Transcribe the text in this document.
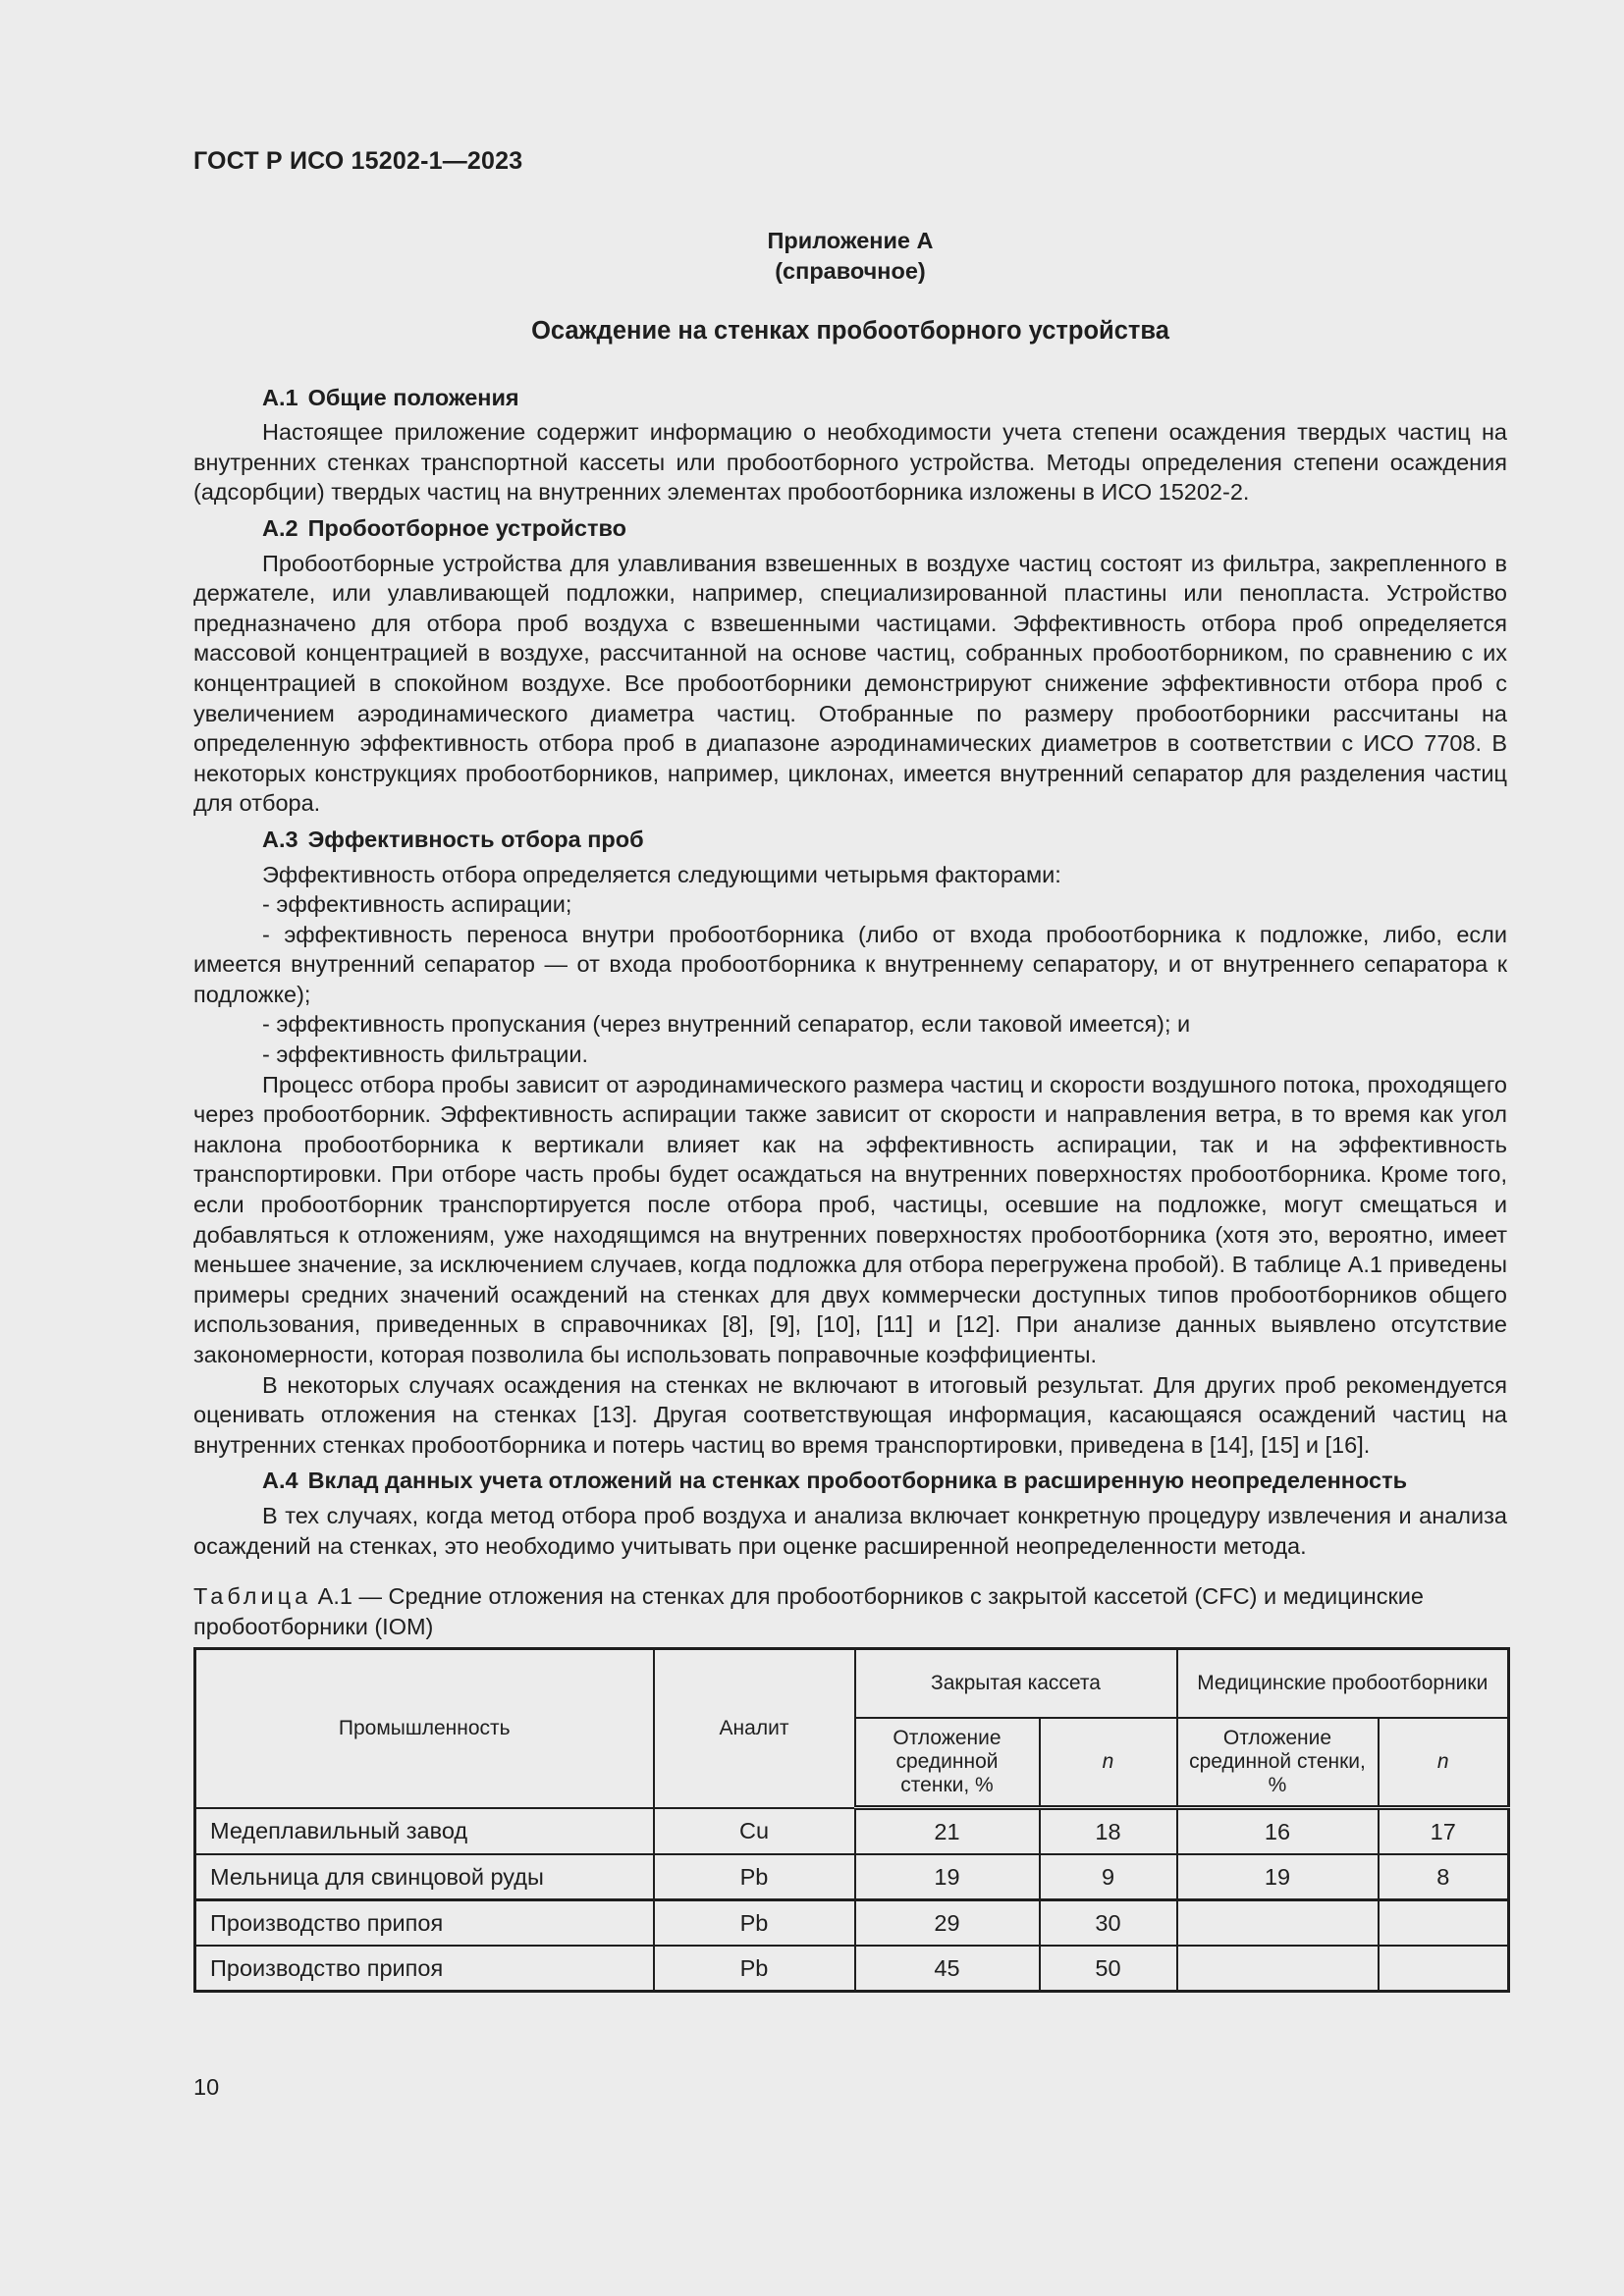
ГОСТ Р ИСО 15202-1—2023
Приложение А
(справочное)
Осаждение на стенках пробоотборного устройства
А.1 Общие положения

Настоящее приложение содержит информацию о необходимости учета степени осаждения твердых частиц на внутренних стенках транспортной кассеты или пробоотборного устройства. Методы определения степени осаждения (адсорбции) твердых частиц на внутренних элементах пробоотборника изложены в ИСО 15202-2.

А.2 Пробоотборное устройство

Пробоотборные устройства для улавливания взвешенных в воздухе частиц состоят из фильтра, закрепленного в держателе, или улавливающей подложки, например, специализированной пластины или пенопласта. Устройство предназначено для отбора проб воздуха с взвешенными частицами. Эффективность отбора проб определяется массовой концентрацией в воздухе, рассчитанной на основе частиц, собранных пробоотборником, по сравнению с их концентрацией в спокойном воздухе. Все пробоотборники демонстрируют снижение эффективности отбора проб с увеличением аэродинамического диаметра частиц. Отобранные по размеру пробоотборники рассчитаны на определенную эффективность отбора проб в диапазоне аэродинамических диаметров в соответствии с ИСО 7708. В некоторых конструкциях пробоотборников, например, циклонах, имеется внутренний сепаратор для разделения частиц для отбора.

А.3 Эффективность отбора проб

Эффективность отбора определяется следующими четырьмя факторами:

- эффективность аспирации;
- эффективность переноса внутри пробоотборника (либо от входа пробоотборника к подложке, либо, если имеется внутренний сепаратор — от входа пробоотборника к внутреннему сепаратору, и от внутреннего сепаратора к подложке);
- эффективность пропускания (через внутренний сепаратор, если таковой имеется); и
- эффективность фильтрации.

Процесс отбора пробы зависит от аэродинамического размера частиц и скорости воздушного потока, проходящего через пробоотборник. Эффективность аспирации также зависит от скорости и направления ветра, в то время как угол наклона пробоотборника к вертикали влияет как на эффективность аспирации, так и на эффективность транспортировки. При отборе часть пробы будет осаждаться на внутренних поверхностях пробоотборника. Кроме того, если пробоотборник транспортируется после отбора проб, частицы, осевшие на подложке, могут смещаться и добавляться к отложениям, уже находящимся на внутренних поверхностях пробоотборника (хотя это, вероятно, имеет меньшее значение, за исключением случаев, когда подложка для отбора перегружена пробой). В таблице А.1 приведены примеры средних значений осаждений на стенках для двух коммерчески доступных типов пробоотборников общего использования, приведенных в справочниках [8], [9], [10], [11] и [12]. При анализе данных выявлено отсутствие закономерности, которая позволила бы использовать поправочные коэффициенты.

В некоторых случаях осаждения на стенках не включают в итоговый результат. Для других проб рекомендуется оценивать отложения на стенках [13]. Другая соответствующая информация, касающаяся осаждений частиц на внутренних стенках пробоотборника и потерь частиц во время транспортировки, приведена в [14], [15] и [16].

А.4 Вклад данных учета отложений на стенках пробоотборника в расширенную неопределенность

В тех случаях, когда метод отбора проб воздуха и анализа включает конкретную процедуру извлечения и анализа осаждений на стенках, это необходимо учитывать при оценке расширенной неопределенности метода.

Таблица А.1 — Средние отложения на стенках для пробоотборников с закрытой кассетой (CFC) и медицинские пробоотборники (IOM)

Промышленность	Аналит	Закрытая кассета		Медицинские пробоотборники	
		Отложение срединной стенки, %	n	Отложение срединной стенки, %	n
Медеплавильный завод	Cu	21	18	16	17
Мельница для свинцовой руды	Pb	19	9	19	8
Производство припоя	Pb	29	30		
Производство припоя	Pb	45	50		
10
